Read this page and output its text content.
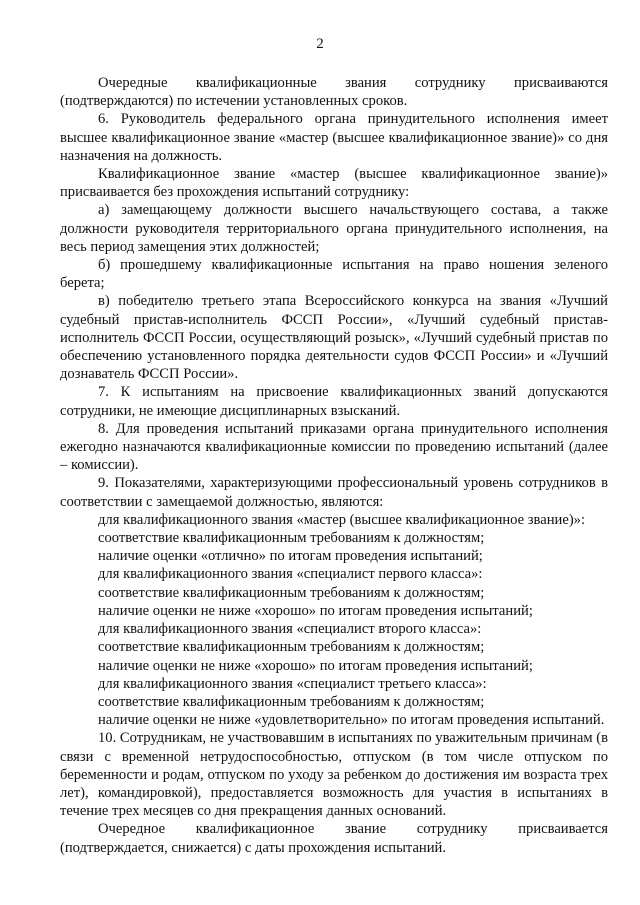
2

Очередные квалификационные звания сотруднику присваиваются (подтверждаются) по истечении установленных сроков.

6. Руководитель федерального органа принудительного исполнения имеет высшее квалификационное звание «мастер (высшее квалификационное звание)» со дня назначения на должность.

Квалификационное звание «мастер (высшее квалификационное звание)» присваивается без прохождения испытаний сотруднику:

а) замещающему должности высшего начальствующего состава, а также должности руководителя территориального органа принудительного исполнения, на весь период замещения этих должностей;

б) прошедшему квалификационные испытания на право ношения зеленого берета;

в) победителю третьего этапа Всероссийского конкурса на звания «Лучший судебный пристав-исполнитель ФССП России», «Лучший судебный пристав-исполнитель ФССП России, осуществляющий розыск», «Лучший судебный пристав по обеспечению установленного порядка деятельности судов ФССП России» и «Лучший дознаватель ФССП России».

7. К испытаниям на присвоение квалификационных званий допускаются сотрудники, не имеющие дисциплинарных взысканий.

8. Для проведения испытаний приказами органа принудительного исполнения ежегодно назначаются квалификационные комиссии по проведению испытаний (далее – комиссии).

9. Показателями, характеризующими профессиональный уровень сотрудников в соответствии с замещаемой должностью, являются:

для квалификационного звания «мастер (высшее квалификационное звание)»:

соответствие квалификационным требованиям к должностям;

наличие оценки «отлично» по итогам проведения испытаний;

для квалификационного звания «специалист первого класса»:

соответствие квалификационным требованиям к должностям;

наличие оценки не ниже «хорошо» по итогам проведения испытаний;

для квалификационного звания «специалист второго класса»:

соответствие квалификационным требованиям к должностям;

наличие оценки не ниже «хорошо» по итогам проведения испытаний;

для квалификационного звания «специалист третьего класса»:

соответствие квалификационным требованиям к должностям;

наличие оценки не ниже «удовлетворительно» по итогам проведения испытаний.

10. Сотрудникам, не участвовавшим в испытаниях по уважительным причинам (в связи с временной нетрудоспособностью, отпуском (в том числе отпуском по беременности и родам, отпуском по уходу за ребенком до достижения им возраста трех лет), командировкой), предоставляется возможность для участия в испытаниях в течение трех месяцев со дня прекращения данных оснований.

Очередное квалификационное звание сотруднику присваивается (подтверждается, снижается) с даты прохождения испытаний.
